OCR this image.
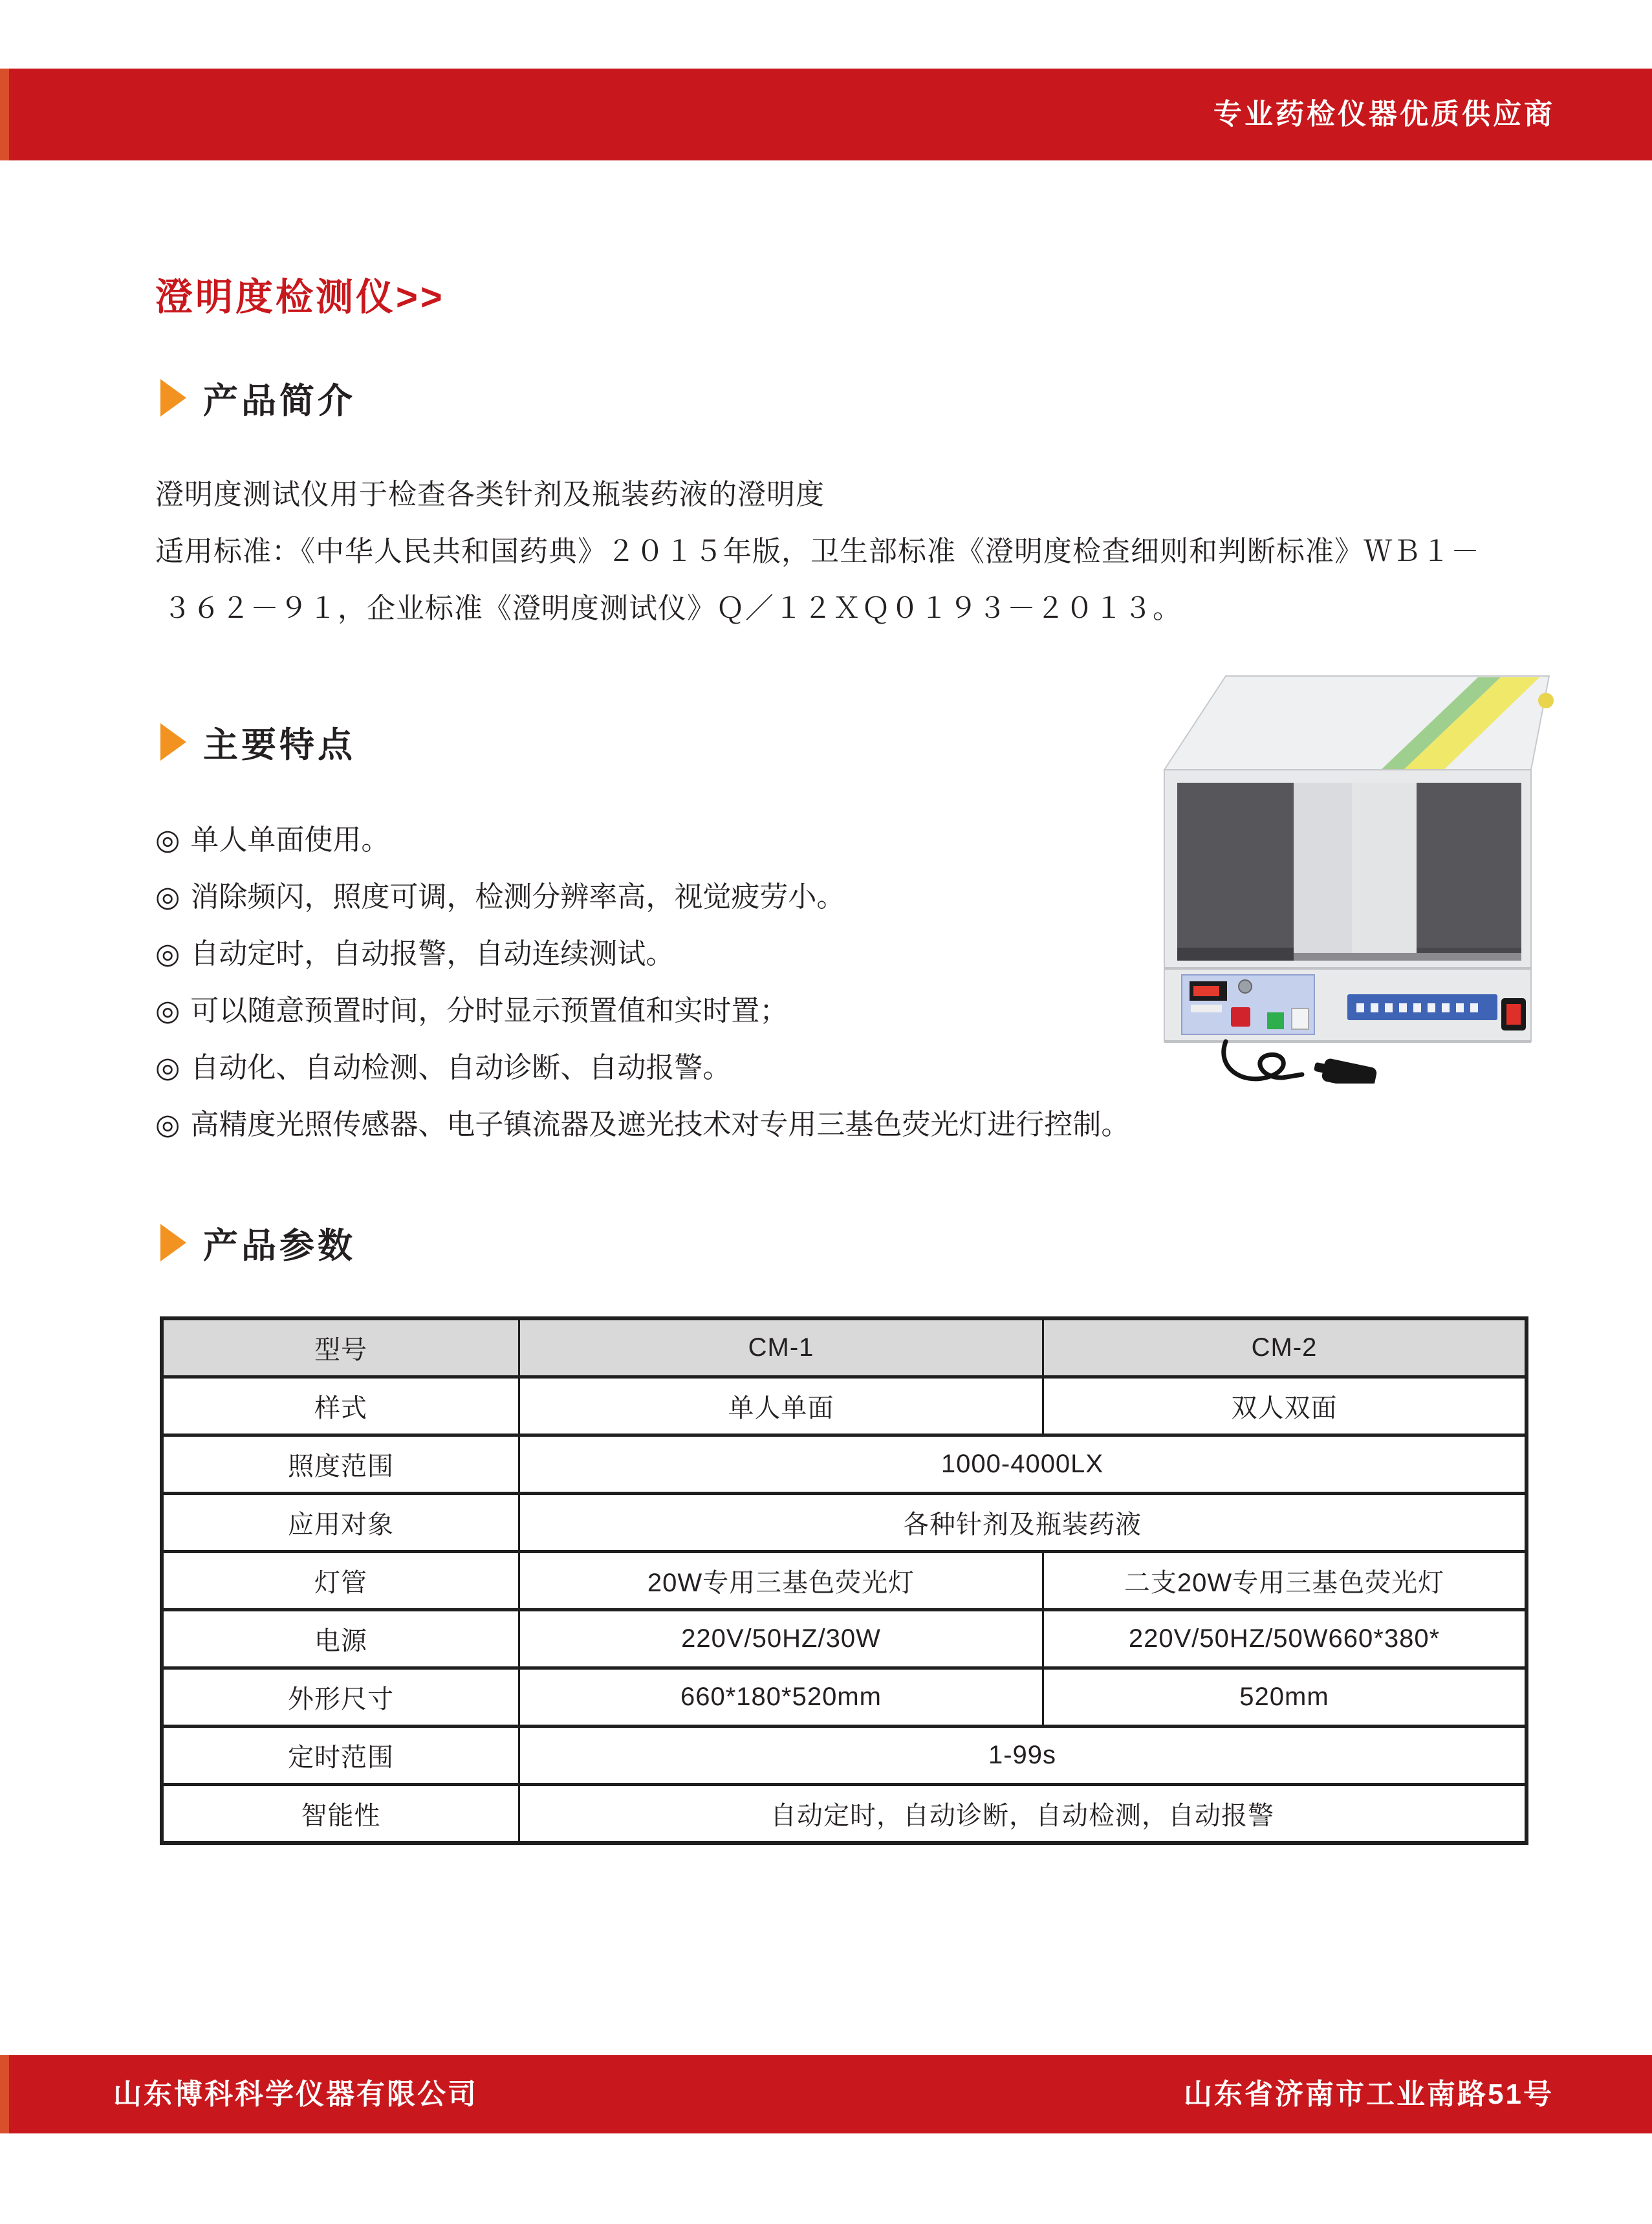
专业药检仪器优质供应商
澄明度检测仪>>
产品简介
澄明度测试仪用于检查各类针剂及瓶装药液的澄明度
适用标准：《中华人民共和国药典》２０１５年版，卫生部标准《澄明度检查细则和判断标准》ＷＢ１－
３６２－９１，企业标准《澄明度测试仪》Ｑ／１２ＸＱ０１９３－２０１３。
主要特点
◎ 单人单面使用。
◎ 消除频闪，照度可调，检测分辨率高，视觉疲劳小。
◎ 自动定时，自动报警，自动连续测试。
◎ 可以随意预置时间，分时显示预置值和实时置；
◎ 自动化、自动检测、自动诊断、自动报警。
◎ 高精度光照传感器、电子镇流器及遮光技术对专用三基色荧光灯进行控制。
产品参数
型号	CM-1	CM-2
样式	单人单面	双人双面
照度范围	1000-4000LX	
应用对象	各种针剂及瓶装药液	
灯管	20W专用三基色荧光灯	二支20W专用三基色荧光灯
电源	220V/50HZ/30W	220V/50HZ/50W660*380*
外形尺寸	660*180*520mm	520mm
定时范围	1-99s	
智能性	自动定时，自动诊断，自动检测，自动报警	
山东博科科学仪器有限公司	山东省济南市工业南路51号
